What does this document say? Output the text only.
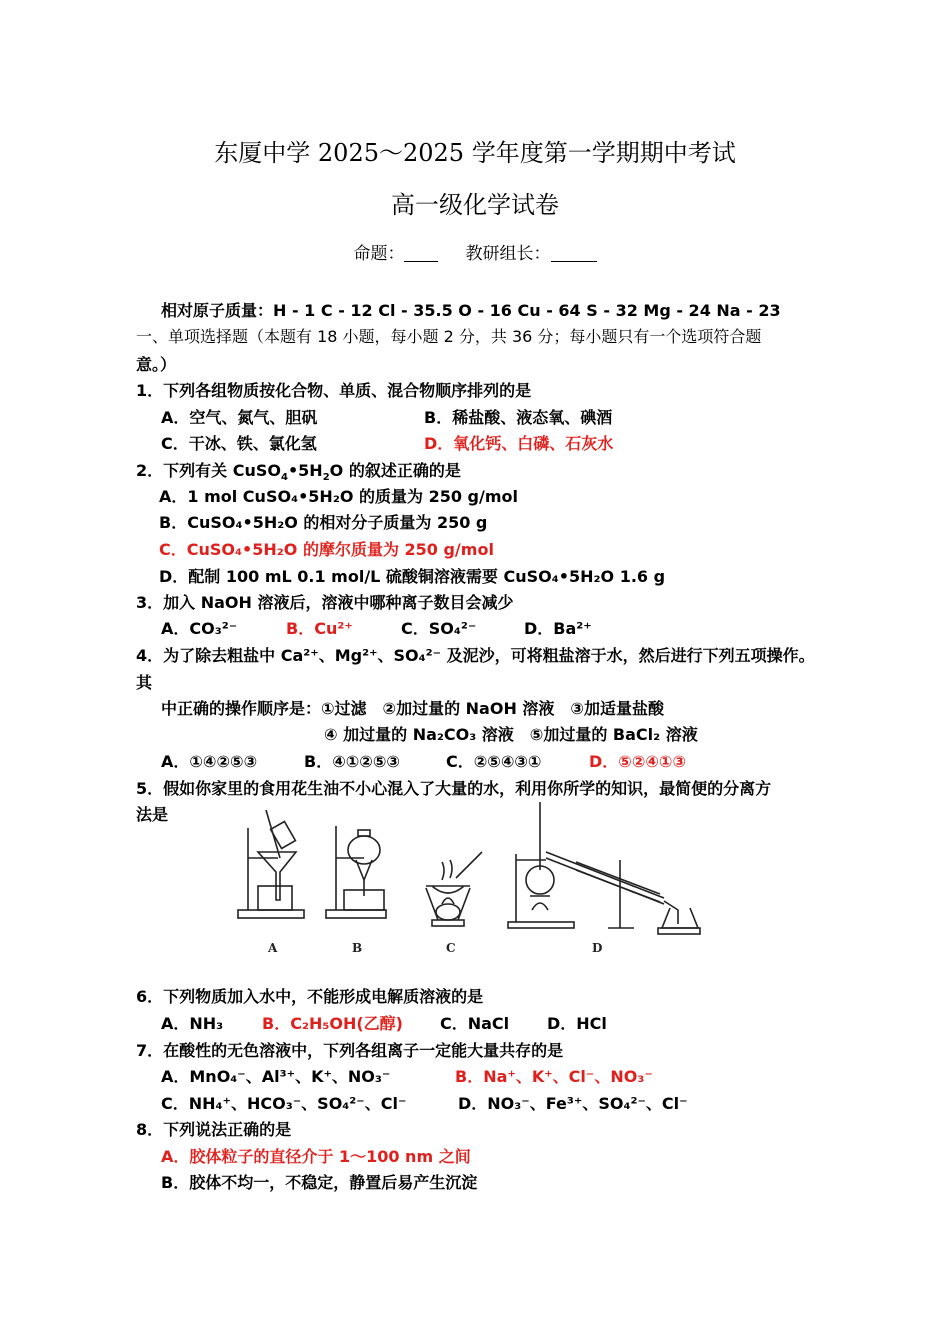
东厦中学 2025～2025 学年度第一学期期中考试
高一级化学试卷
命题：	教研组长：
相对原子质量：H - 1 C - 12 Cl - 35.5 O - 16 Cu - 64 S - 32 Mg - 24 Na - 23
一、单项选择题（本题有 18 小题，每小题 2 分，共 36 分；每小题只有一个选项符合题
意。）
1．下列各组物质按化合物、单质、混合物顺序排列的是
A．空气、氮气、胆矾	B．稀盐酸、液态氧、碘酒
C．干冰、铁、氯化氢	D．氧化钙、白磷、石灰水
2．下列有关 $CuSO_4•5H_2O$ 的叙述正确的是
A．1 mol CuSO₄•5H₂O 的质量为 250 g/mol
B．CuSO₄•5H₂O 的相对分子质量为 250 g
C．CuSO₄•5H₂O 的摩尔质量为 250 g/mol
D．配制 100 mL 0.1 mol/L 硫酸铜溶液需要 CuSO₄•5H₂O 1.6 g
3．加入 NaOH 溶液后，溶液中哪种离子数目会减少
A．CO₃²⁻	B．Cu²⁺	C．SO₄²⁻	D．Ba²⁺
4．为了除去粗盐中 Ca²⁺、Mg²⁺、SO₄²⁻ 及泥沙，可将粗盐溶于水，然后进行下列五项操作。
其
中正确的操作顺序是：①过滤　②加过量的 NaOH 溶液　③加适量盐酸
④ 加过量的 Na₂CO₃ 溶液　⑤加过量的 BaCl₂ 溶液
A．①④②⑤③	B．④①②⑤③	C．②⑤④③①	D．⑤②④①③
5．假如你家里的食用花生油不小心混入了大量的水，利用你所学的知识，最简便的分离方
法是
A	B	C	D
6．下列物质加入水中，不能形成电解质溶液的是
A．NH₃ B．C₂H₅OH(乙醇) C．NaCl D．HCl
7．在酸性的无色溶液中，下列各组离子一定能大量共存的是
A．MnO₄⁻、Al³⁺、K⁺、NO₃⁻	B．Na⁺、K⁺、Cl⁻、NO₃⁻
C．NH₄⁺、HCO₃⁻、SO₄²⁻、Cl⁻	D．NO₃⁻、Fe³⁺、SO₄²⁻、Cl⁻
8．下列说法正确的是
A．胶体粒子的直径介于 1～100 nm 之间
B．胶体不均一，不稳定，静置后易产生沉淀
